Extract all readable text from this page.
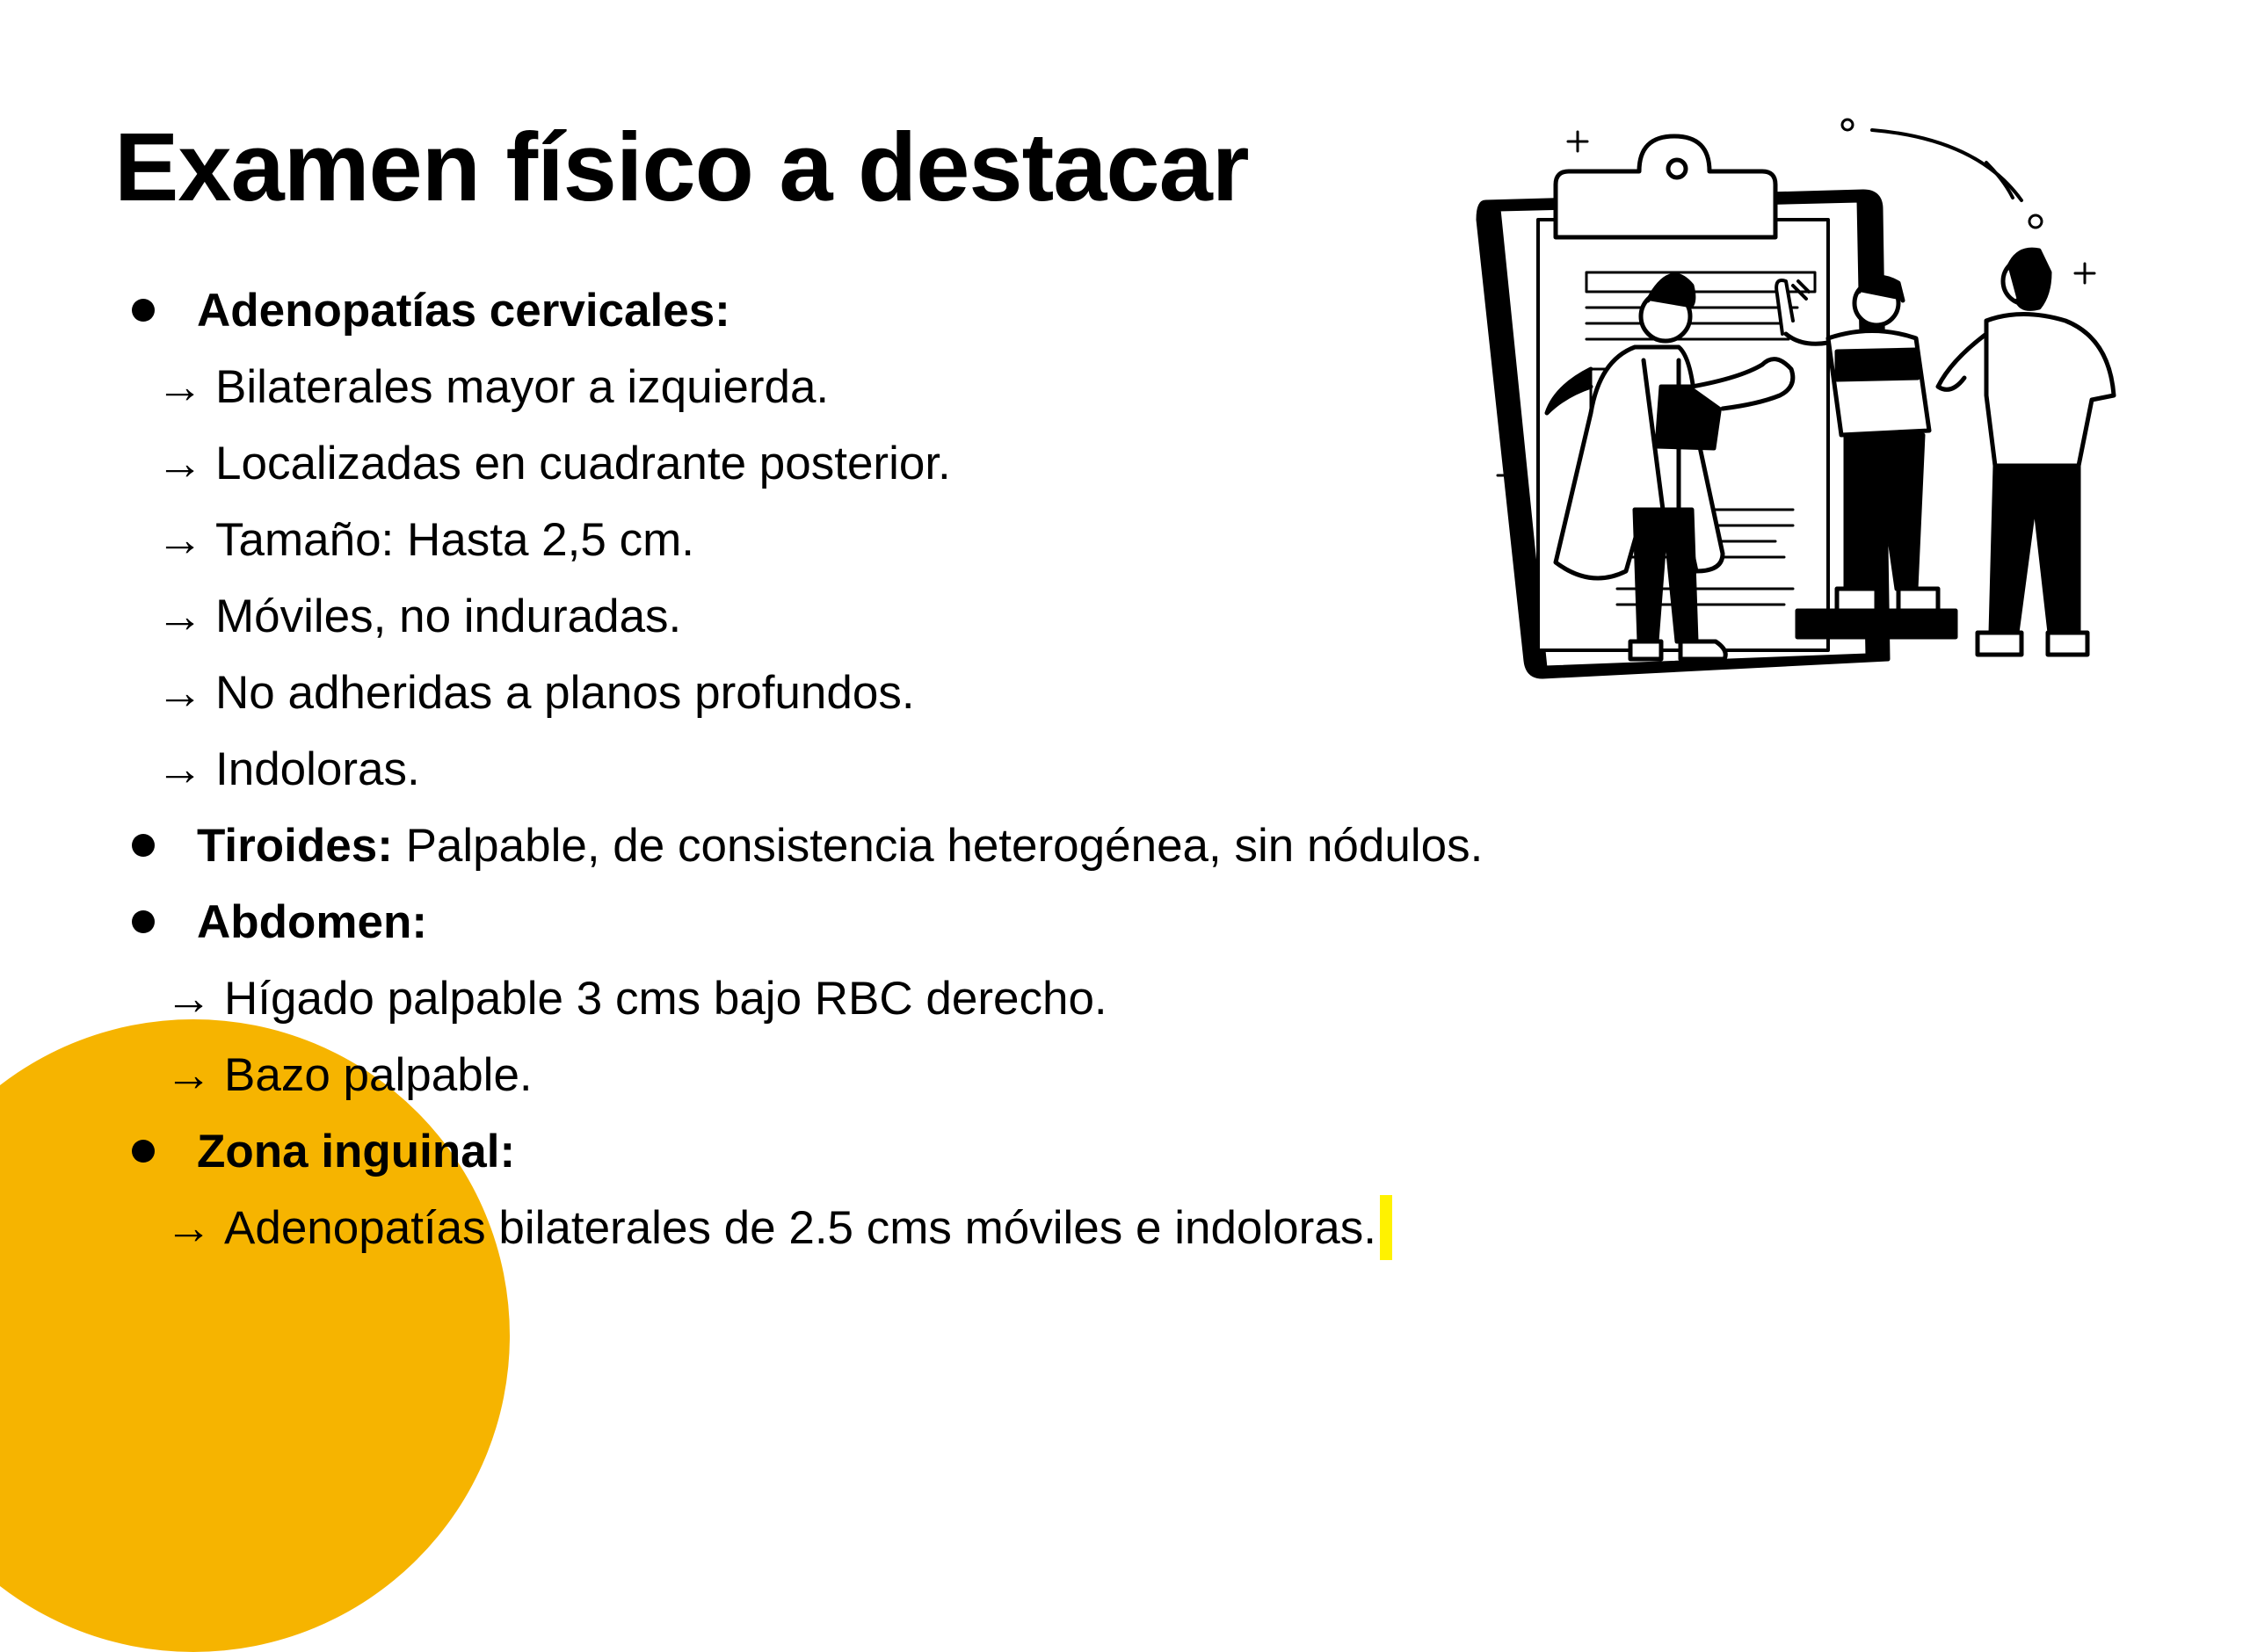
Examen físico a destacar
Adenopatías cervicales:
→ Bilaterales mayor a izquierda.
→ Localizadas en cuadrante posterior.
→ Tamaño: Hasta 2,5 cm.
→ Móviles, no induradas.
→ No adheridas a planos profundos.
→ Indoloras.
Tiroides: Palpable, de consistencia heterogénea, sin nódulos.
Abdomen:
→ Hígado palpable 3 cms bajo RBC derecho.
→ Bazo palpable.
Zona inguinal:
→ Adenopatías bilaterales de 2.5 cms móviles e indoloras.
